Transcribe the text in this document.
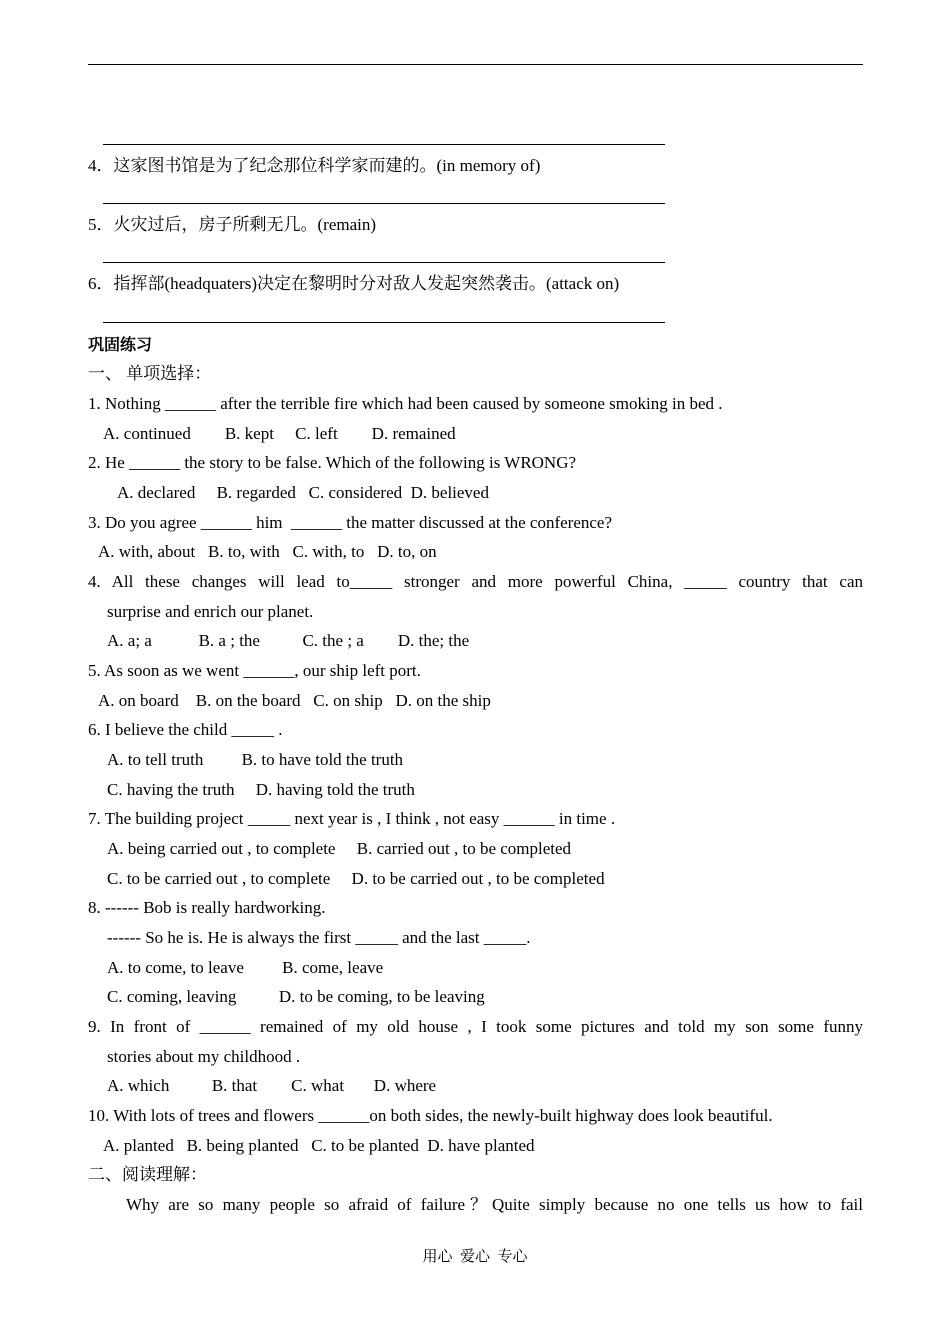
4．这家图书馆是为了纪念那位科学家而建的。(in memory of)
5．火灾过后，房子所剩无几。(remain)
6．指挥部(headquaters)决定在黎明时分对敌人发起突然袭击。(attack on)
巩固练习
一、 单项选择：
1. Nothing ______ after the terrible fire which had been caused by someone smoking in bed .
A. continued        B. kept     C. left        D. remained
2. He ______ the story to be false. Which of the following is WRONG?
A. declared     B. regarded   C. considered  D. believed
3. Do you agree ______ him  ______ the matter discussed at the conference?
A. with, about   B. to, with   C. with, to   D. to, on
4. All these changes will lead to_____ stronger and more powerful China, _____ country that can
surprise and enrich our planet.
A. a; a           B. a ; the          C. the ; a        D. the; the
5. As soon as we went ______, our ship left port.
A. on board    B. on the board   C. on ship   D. on the ship
6. I believe the child _____ .
A. to tell truth         B. to have told the truth
C. having the truth     D. having told the truth
7. The building project _____ next year is , I think , not easy ______ in time .
A. being carried out , to complete     B. carried out , to be completed
C. to be carried out , to complete     D. to be carried out , to be completed
8. ------ Bob is really hardworking.
------ So he is. He is always the first _____ and the last _____.
A. to come, to leave         B. come, leave
C. coming, leaving          D. to be coming, to be leaving
9. In front of ______ remained of my old house , I took some pictures and told my son some funny
stories about my childhood .
A. which          B. that        C. what       D. where
10. With lots of trees and flowers ______on both sides, the newly-built highway does look beautiful.
A. planted   B. being planted   C. to be planted  D. have planted
二、阅读理解：
Why are so many people so afraid of failure？Quite simply because no one tells us how to fail
用心  爱心  专心
